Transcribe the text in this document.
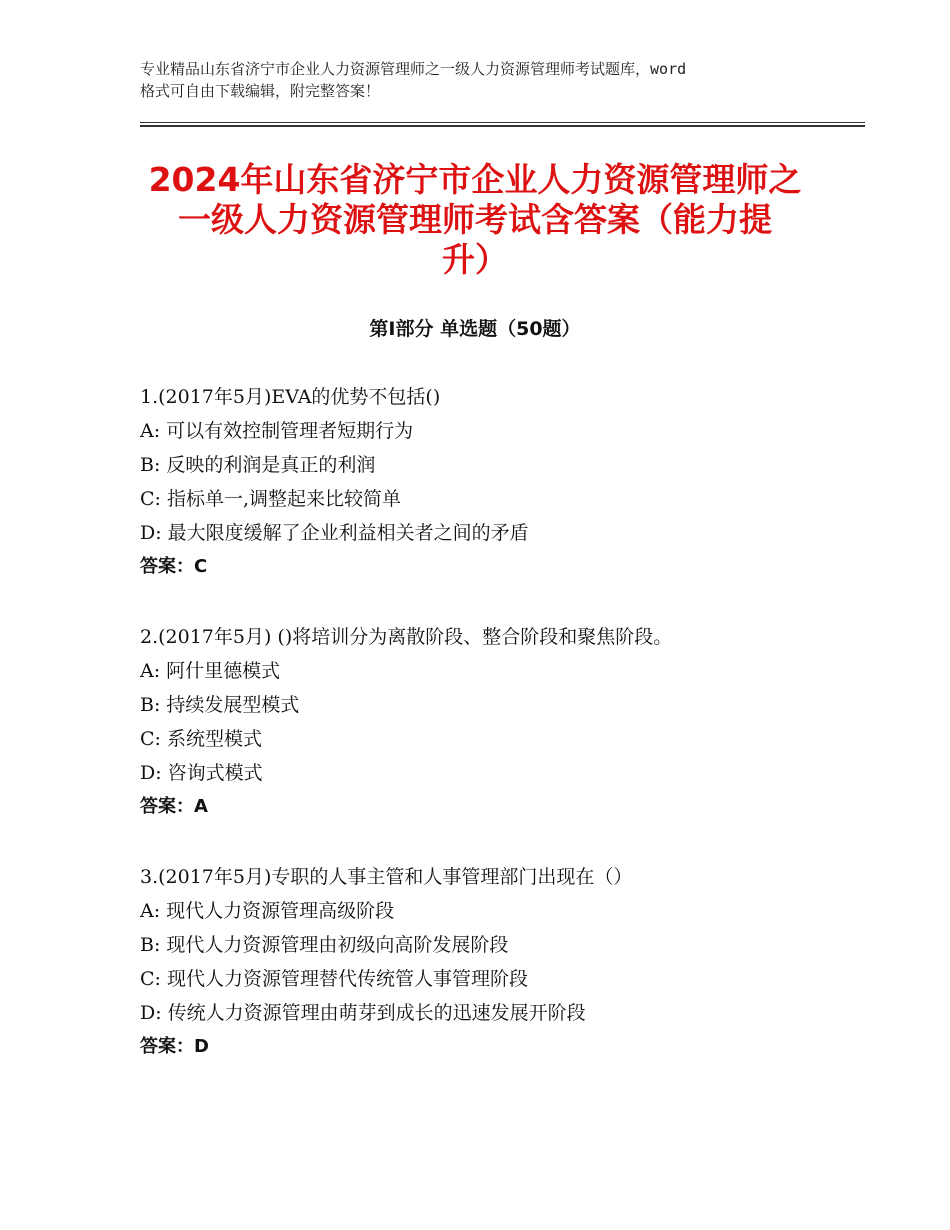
专业精品山东省济宁市企业人力资源管理师之一级人力资源管理师考试题库，word
格式可自由下载编辑，附完整答案！
2024年山东省济宁市企业人力资源管理师之
一级人力资源管理师考试含答案（能力提
升）
第Ⅰ部分 单选题（50题）
1.(2017年5月)EVA的优势不包括()
A: 可以有效控制管理者短期行为
B: 反映的利润是真正的利润
C: 指标单一,调整起来比较简单
D: 最大限度缓解了企业利益相关者之间的矛盾
答案：C
2.(2017年5月) ()将培训分为离散阶段、整合阶段和聚焦阶段。
A: 阿什里德模式
B: 持续发展型模式
C: 系统型模式
D: 咨询式模式
答案：A
3.(2017年5月)专职的人事主管和人事管理部门出现在（）
A: 现代人力资源管理高级阶段
B: 现代人力资源管理由初级向高阶发展阶段
C: 现代人力资源管理替代传统管人事管理阶段
D: 传统人力资源管理由萌芽到成长的迅速发展开阶段
答案：D
